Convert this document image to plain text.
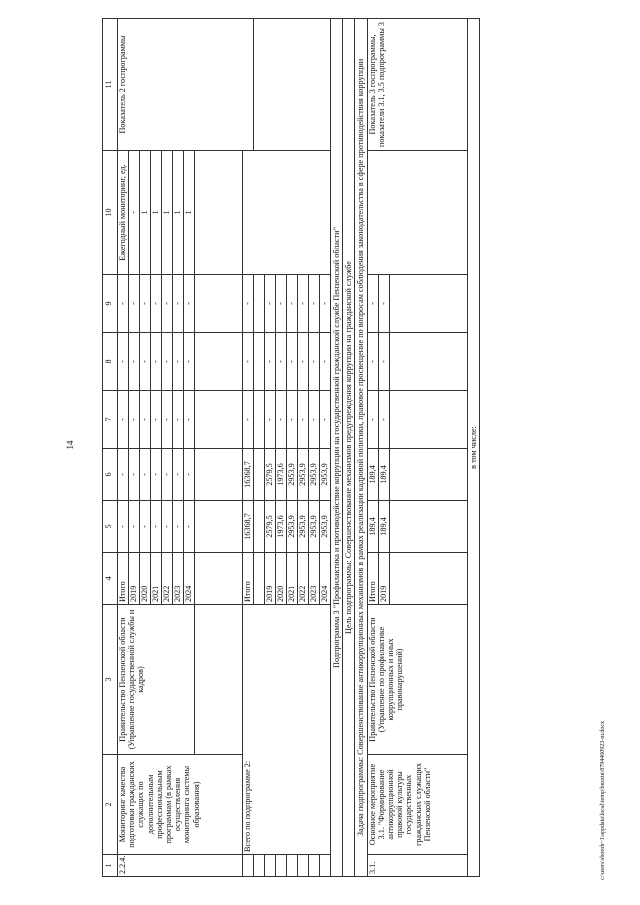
14
c:\users\sboroh~1\appdata\local\temp\bnsxtn\8794460923-m.docx
1	2	3	4	5	6	7	8	9	10	11	
2.2.4.	Мониторинг качества подготовки гражданских служащих по дополнительным профессиональным программам (в рамках осуществления мониторинга системы образования)	Правительство Пензенской области (Управление государственной службы и кадров)	Итого	-	-	-	-	-	Ежегодный мониторинг, ед.	Показатель 2 госпрограммы	
			2019	-	-	-	-	-	-		
			2020	-	-	-	-	-	1		
			2021	-	-	-	-	-	1		
			2022	-	-	-	-	-	1		
			2023	-	-	-	-	-	1		
			2024	-	-	-	-	-	1		

	Всего по подпрограмме 2:		Итого	16368,7	16368,7	-	-	-			

			2019	2579,5	2579,5	-	-	-			
			2020	1973,6	1973,6	-	-	-			
			2021	2953,9	2953,9	-	-	-			
			2022	2953,9	2953,9	-	-	-			
			2023	2953,9	2953,9	-	-	-			
			2024	2953,9	2953,9	-	-	-			
Подпрограмма 3 "Профилактика и противодействие коррупции на государственной гражданской службе Пензенской области"											
Цель подпрограммы: Совершенствование механизмов предупреждения коррупции на гражданской службе											
Задача подпрограммы: Совершенствование антикоррупционных механизмов в рамках реализации кадровой политики, правовое просвещение по вопросам соблюдения законодательства в сфере противодействия коррупции											
3.1.	Основное мероприятие 3.1. "Формирование антикоррупционной правовой культуры государственных гражданских служащих Пензенской области"	Правительство Пензенской области (Управление по профилактике коррупционных и иных правонарушений)	Итого	189,4	189,4	-	-	-		Показатель 3 госпрограммы, показатели 3.1, 3.5 подпрограммы 3	
			2019	189,4	189,4	-	-	-			

в том числе:											
